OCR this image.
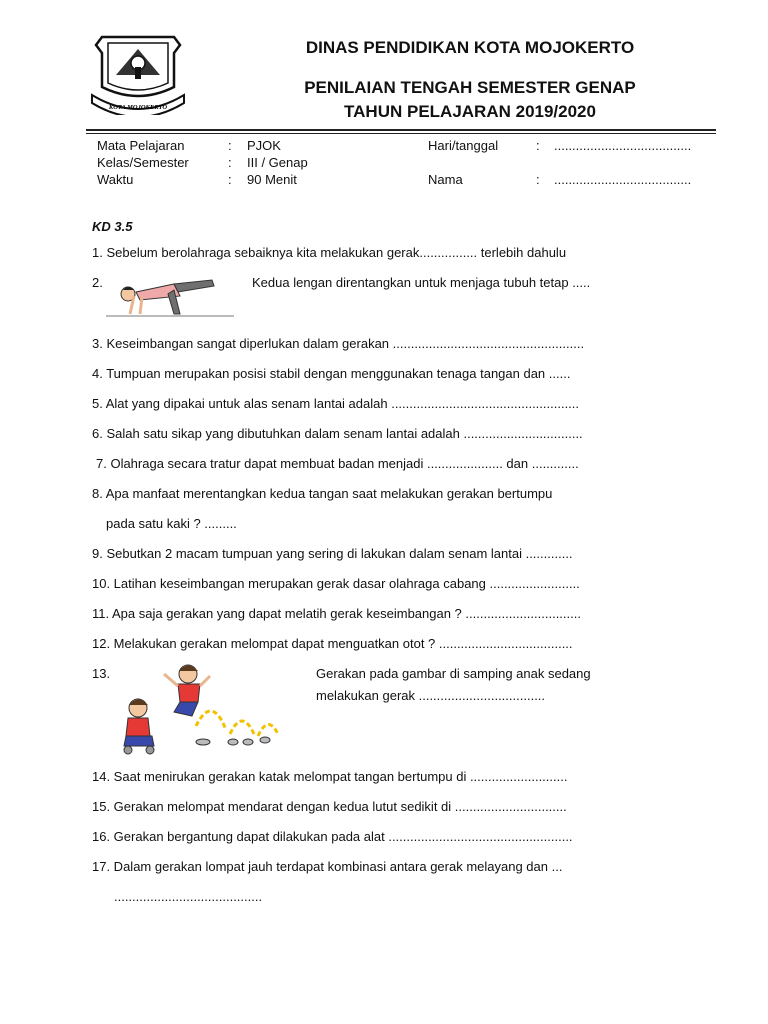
KOTA MOJOKERTO
DINAS PENDIDIKAN KOTA MOJOKERTO
PENILAIAN TENGAH SEMESTER GENAP
TAHUN PELAJARAN 2019/2020
Mata Pelajaran	: PJOK	Hari/tanggal	: ......................................
Kelas/Semester	: III / Genap
Waktu	: 90 Menit	Nama	: ......................................
KD 3.5
1. Sebelum berolahraga sebaiknya kita melakukan gerak................ terlebih dahulu
2.	Kedua lengan direntangkan untuk menjaga tubuh tetap .....
3. Keseimbangan sangat diperlukan dalam gerakan .....................................................
4. Tumpuan merupakan posisi stabil dengan menggunakan tenaga tangan dan ......
5. Alat yang dipakai untuk alas senam lantai adalah ....................................................
6. Salah satu sikap yang dibutuhkan dalam senam lantai adalah .................................
7. Olahraga secara tratur dapat membuat badan menjadi ..................... dan .............
8. Apa manfaat merentangkan kedua tangan saat melakukan gerakan bertumpu
pada satu kaki ? .........
9. Sebutkan 2 macam tumpuan yang sering di lakukan dalam senam lantai .............
10. Latihan keseimbangan merupakan gerak dasar olahraga cabang .........................
11. Apa saja gerakan yang dapat melatih gerak keseimbangan ? ................................
12. Melakukan gerakan melompat dapat menguatkan otot ? .....................................
13.	Gerakan pada gambar di samping anak sedang
melakukan gerak ...................................
14. Saat menirukan gerakan katak melompat tangan bertumpu di ...........................
15. Gerakan melompat mendarat dengan kedua lutut sedikit di ...............................
16. Gerakan bergantung dapat dilakukan pada alat ...................................................
17. Dalam gerakan lompat jauh terdapat kombinasi antara gerak melayang dan ...
.........................................
